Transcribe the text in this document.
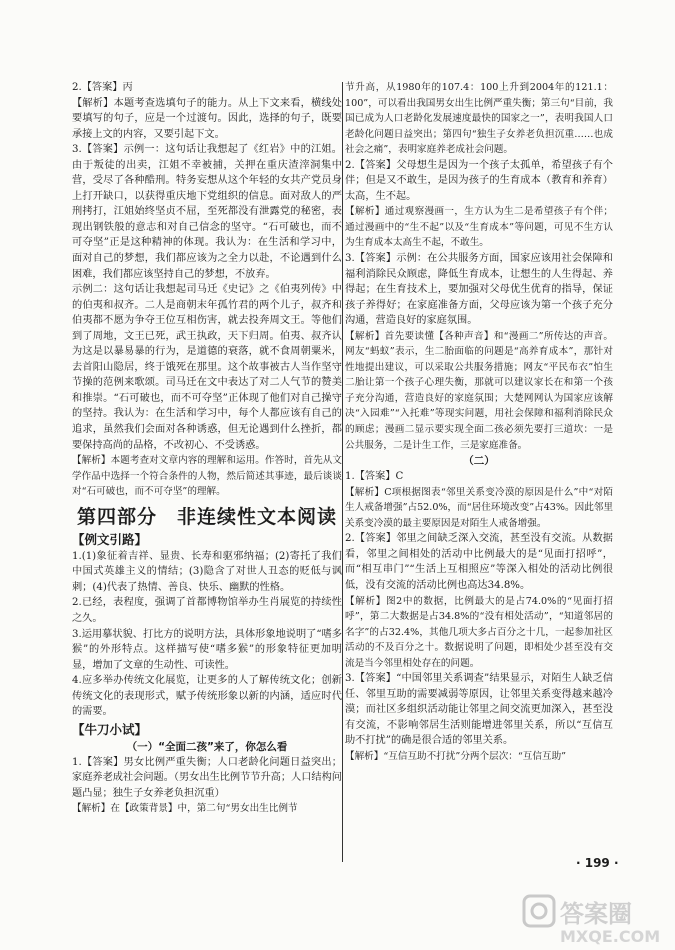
2.【答案】丙

【解析】本题考查选填句子的能力。从上下文来看，横线处要填写的句子，应是一个过渡句。因此，选择的句子，既要承接上文的内容，又要引起下文。

3.【答案】示例一：这句话让我想起了《红岩》中的江姐。由于叛徒的出卖，江姐不幸被捕，关押在重庆渣滓洞集中营，受尽了各种酷刑。特务妄想从这个年轻的女共产党员身上打开缺口，以获得重庆地下党组织的信息。面对敌人的严刑拷打，江姐始终坚贞不屈，至死都没有泄露党的秘密，表现出钢铁般的意志和对自己信念的坚守。“石可破也，而不可夺坚”正是这种精神的体现。我认为：在生活和学习中，面对自己的梦想，我们都应该为之全力以赴，不论遇到什么困难，我们都应该坚持自己的梦想，不放弃。

示例二：这句话让我想起司马迁《史记》之《伯夷列传》中的伯夷和叔齐。二人是商朝末年孤竹君的两个儿子，叔齐和伯夷都不愿为争夺王位互相伤害，就去投奔周文王。等他们到了周地，文王已死，武王执政，天下归周。伯夷、叔齐认为这是以暴易暴的行为，是道德的衰落，就不食周朝粟米，去首阳山隐居，终于饿死在那里。这个故事被古人当作坚守节操的范例来歌颂。司马迁在文中表达了对二人气节的赞美和推崇。“石可破也，而不可夺坚”正体现了他们对自己操守的坚持。我认为：在生活和学习中，每个人都应该有自己的追求，虽然我们会面对各种诱惑，但无论遇到什么挫折，都要保持高尚的品格，不改初心、不受诱惑。

【解析】本题考查对文章内容的理解和运用。作答时，首先从文学作品中选择一个符合条件的人物，然后简述其事迹，最后谈谈对“石可破也，而不可夺坚”的理解。

第四部分　非连续性文本阅读
【例文引路】

1.(1)象征着吉祥、显贵、长寿和驱邪纳福；(2)寄托了我们中国式英雄主义的情结；(3)隐含了对世人丑态的贬低与讽刺；(4)代表了热情、善良、快乐、幽默的性格。

2.已经，表程度，强调了首都博物馆举办生肖展览的持续性之久。

3.运用摹状貌、打比方的说明方法，具体形象地说明了“嗜多猴”的外形特点。这样描写使“嗜多猴”的形象特征更加明显，增加了文章的生动性、可读性。

4.应多举办传统文化展览，让更多的人了解传统文化；创新传统文化的表现形式，赋予传统形象以新的内涵，适应时代的需要。

【牛刀小试】
（一）“全面二孩”来了，你怎么看

1.【答案】男女比例严重失衡；人口老龄化问题日益突出；家庭养老成社会问题。（男女出生比例节节升高；人口结构问题凸显；独生子女养老负担沉重）

【解析】在【政策背景】中，第二句“男女出生比例节

节升高，从1980年的107.4：100上升到2004年的121.1：100”，可以看出我国男女出生比例严重失衡；第三句“目前，我国已成为人口老龄化发展速度最快的国家之一”，表明我国人口老龄化问题日益突出；第四句“独生子女养老负担沉重……也成社会之痛”，表明家庭养老成社会问题。

2.【答案】父母想生是因为一个孩子太孤单，希望孩子有个伴；但是又不敢生，是因为孩子的生育成本（教育和养育）太高，生不起。

【解析】通过观察漫画一，生方认为生二是希望孩子有个伴；通过漫画中的“生不起”以及“生育成本”等问题，可见不生方认为生育成本太高生不起，不敢生。

3.【答案】示例：在公共服务方面，国家应该用社会保障和福利消除民众顾虑，降低生育成本，让想生的人生得起、养得起；在生育技术上，要加强对父母优生优育的指导，保证孩子养得好；在家庭准备方面，父母应该为第一个孩子充分沟通，营造良好的家庭氛围。

【解析】首先要读懂【各种声音】和“漫画二”所传达的声音。网友“蚂蚁”表示，生二胎面临的问题是“高养育成本”，那针对性地提出建议，可以采取公共服务措施；网友“平民布衣”怕生二胎让第一个孩子心理失衡，那就可以建议家长在和第一个孩子充分沟通，营造良好的家庭氛围；大楚网网认为国家应该解决“入园难”“入托难”等现实问题，用社会保障和福利消除民众的顾虑；漫画二显示要实现全面二孩必须先要打三道坎：一是公共服务，二是计生工作，三是家庭准备。

（二）

1.【答案】C

【解析】C项根据图表“邻里关系变冷漠的原因是什么”中“对陌生人戒备增强”占52.0%，而“居住环境改变”占43%。因此邻里关系变冷漠的最主要原因是对陌生人戒备增强。

2.【答案】邻里之间缺乏深入交流，甚至没有交流。从数据看，邻里之间相处的活动中比例最大的是“见面打招呼”，而“相互串门”“生活上互相照应”等深入相处的活动比例很低，没有交流的活动比例也高达34.8%。

【解析】图2中的数据，比例最大的是占74.0%的“见面打招呼”，第二大数据是占34.8%的“没有相处活动”，“知道邻居的名字”的占32.4%，其他几项大多占百分之十几，一起参加社区活动的不及百分之十。数据说明了问题，即相处少甚至没有交流是当今邻里相处存在的问题。

3.【答案】“中国邻里关系调查”结果显示，对陌生人缺乏信任、邻里互助的需要减弱等原因，让邻里关系变得越来越冷漠；而社区多组织活动能让邻里之间交流更加深入，甚至没有交流，不影响邻居生活则能增进邻里关系，所以“互信互助不打扰”的确是很合适的邻里关系。

【解析】“互信互助不打扰”分两个层次：“互信互助”

· 199 ·
答案圈
MXQE.COM
